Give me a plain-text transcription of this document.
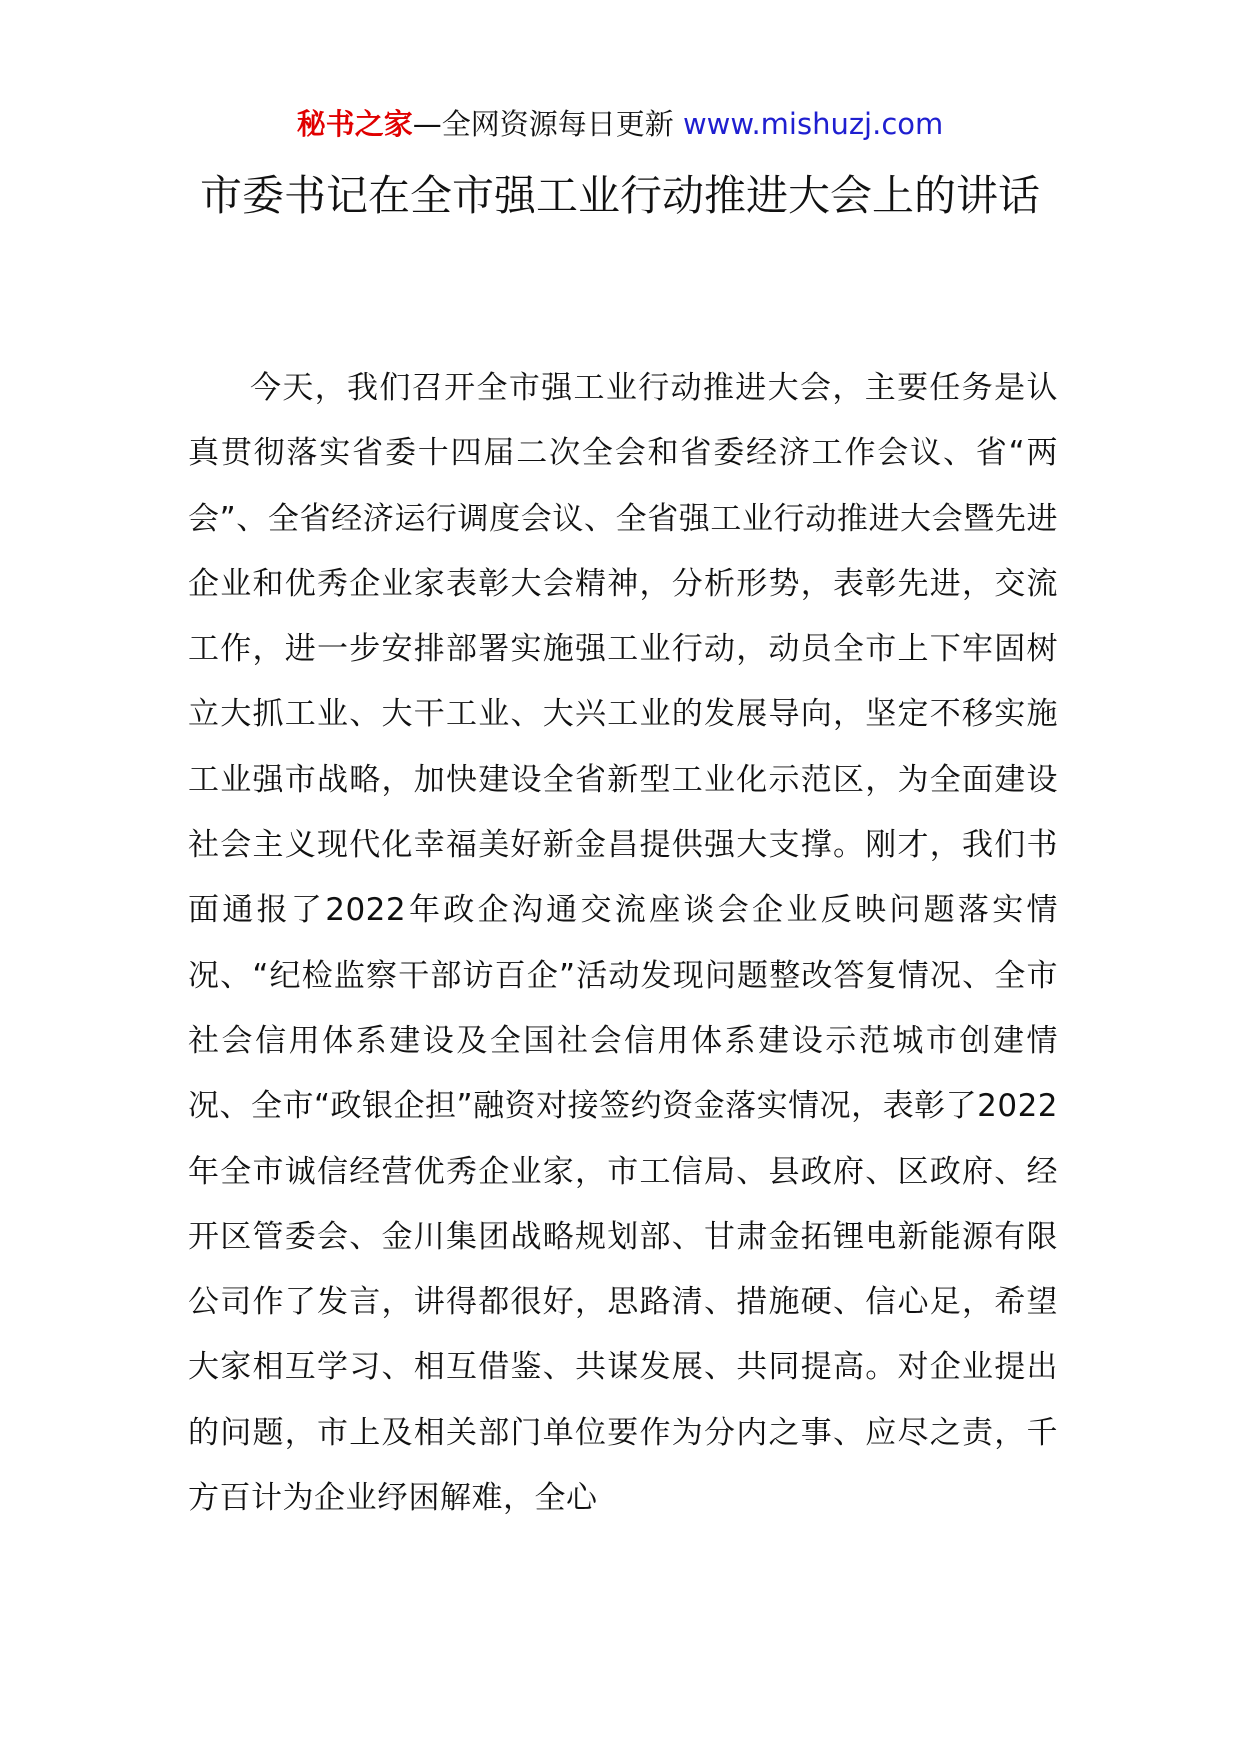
秘书之家—全网资源每日更新 www.mishuzj.com
市委书记在全市强工业行动推进大会上的讲话

今天，我们召开全市强工业行动推进大会，主要任务是认真贯彻落实省委十四届二次全会和省委经济工作会议、省“两会”、全省经济运行调度会议、全省强工业行动推进大会暨先进企业和优秀企业家表彰大会精神，分析形势，表彰先进，交流工作，进一步安排部署实施强工业行动，动员全市上下牢固树立大抓工业、大干工业、大兴工业的发展导向，坚定不移实施工业强市战略，加快建设全省新型工业化示范区，为全面建设社会主义现代化幸福美好新金昌提供强大支撑。刚才，我们书面通报了2022年政企沟通交流座谈会企业反映问题落实情况、“纪检监察干部访百企”活动发现问题整改答复情况、全市社会信用体系建设及全国社会信用体系建设示范城市创建情况、全市“政银企担”融资对接签约资金落实情况，表彰了2022年全市诚信经营优秀企业家，市工信局、县政府、区政府、经开区管委会、金川集团战略规划部、甘肃金拓锂电新能源有限公司作了发言，讲得都很好，思路清、措施硬、信心足，希望大家相互学习、相互借鉴、共谋发展、共同提高。对企业提出的问题，市上及相关部门单位要作为分内之事、应尽之责，千方百计为企业纾困解难，全心
